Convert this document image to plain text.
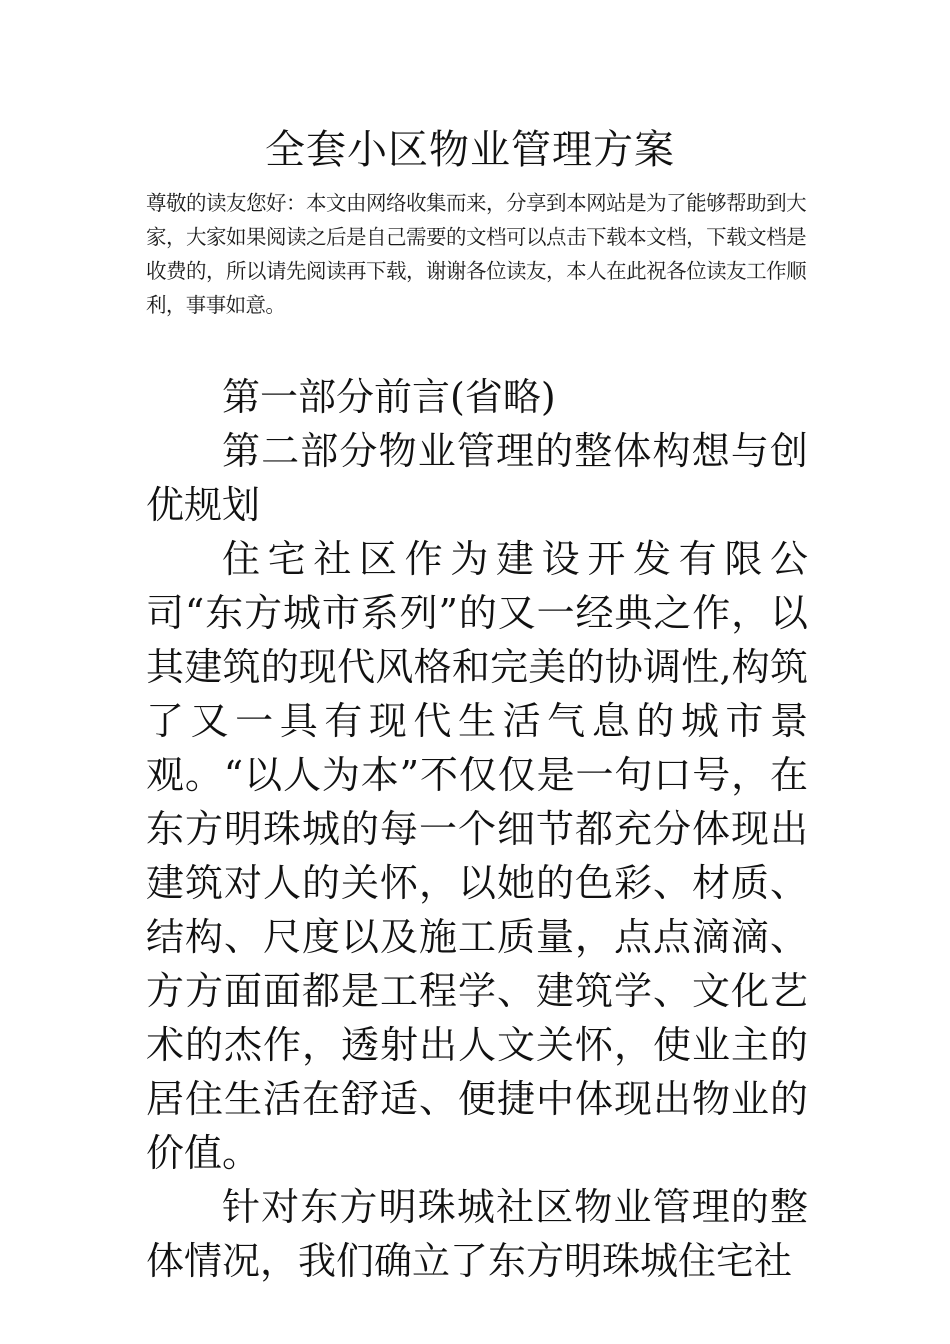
全套小区物业管理方案

尊敬的读友您好：本文由网络收集而来，分享到本网站是为了能够帮助到大家，大家如果阅读之后是自己需要的文档可以点击下载本文档，下载文档是收费的，所以请先阅读再下载，谢谢各位读友，本人在此祝各位读友工作顺利，事事如意。

第一部分前言(省略)

第二部分物业管理的整体构想与创优规划

住宅社区作为建设开发有限公司“东方城市系列”的又一经典之作，以其建筑的现代风格和完美的协调性,构筑了又一具有现代生活气息的城市景观。“以人为本”不仅仅是一句口号，在东方明珠城的每一个细节都充分体现出建筑对人的关怀，以她的色彩、材质、结构、尺度以及施工质量，点点滴滴、方方面面都是工程学、建筑学、文化艺术的杰作，透射出人文关怀，使业主的居住生活在舒适、便捷中体现出物业的价值。

针对东方明珠城社区物业管理的整体情况，我们确立了东方明珠城住宅社
